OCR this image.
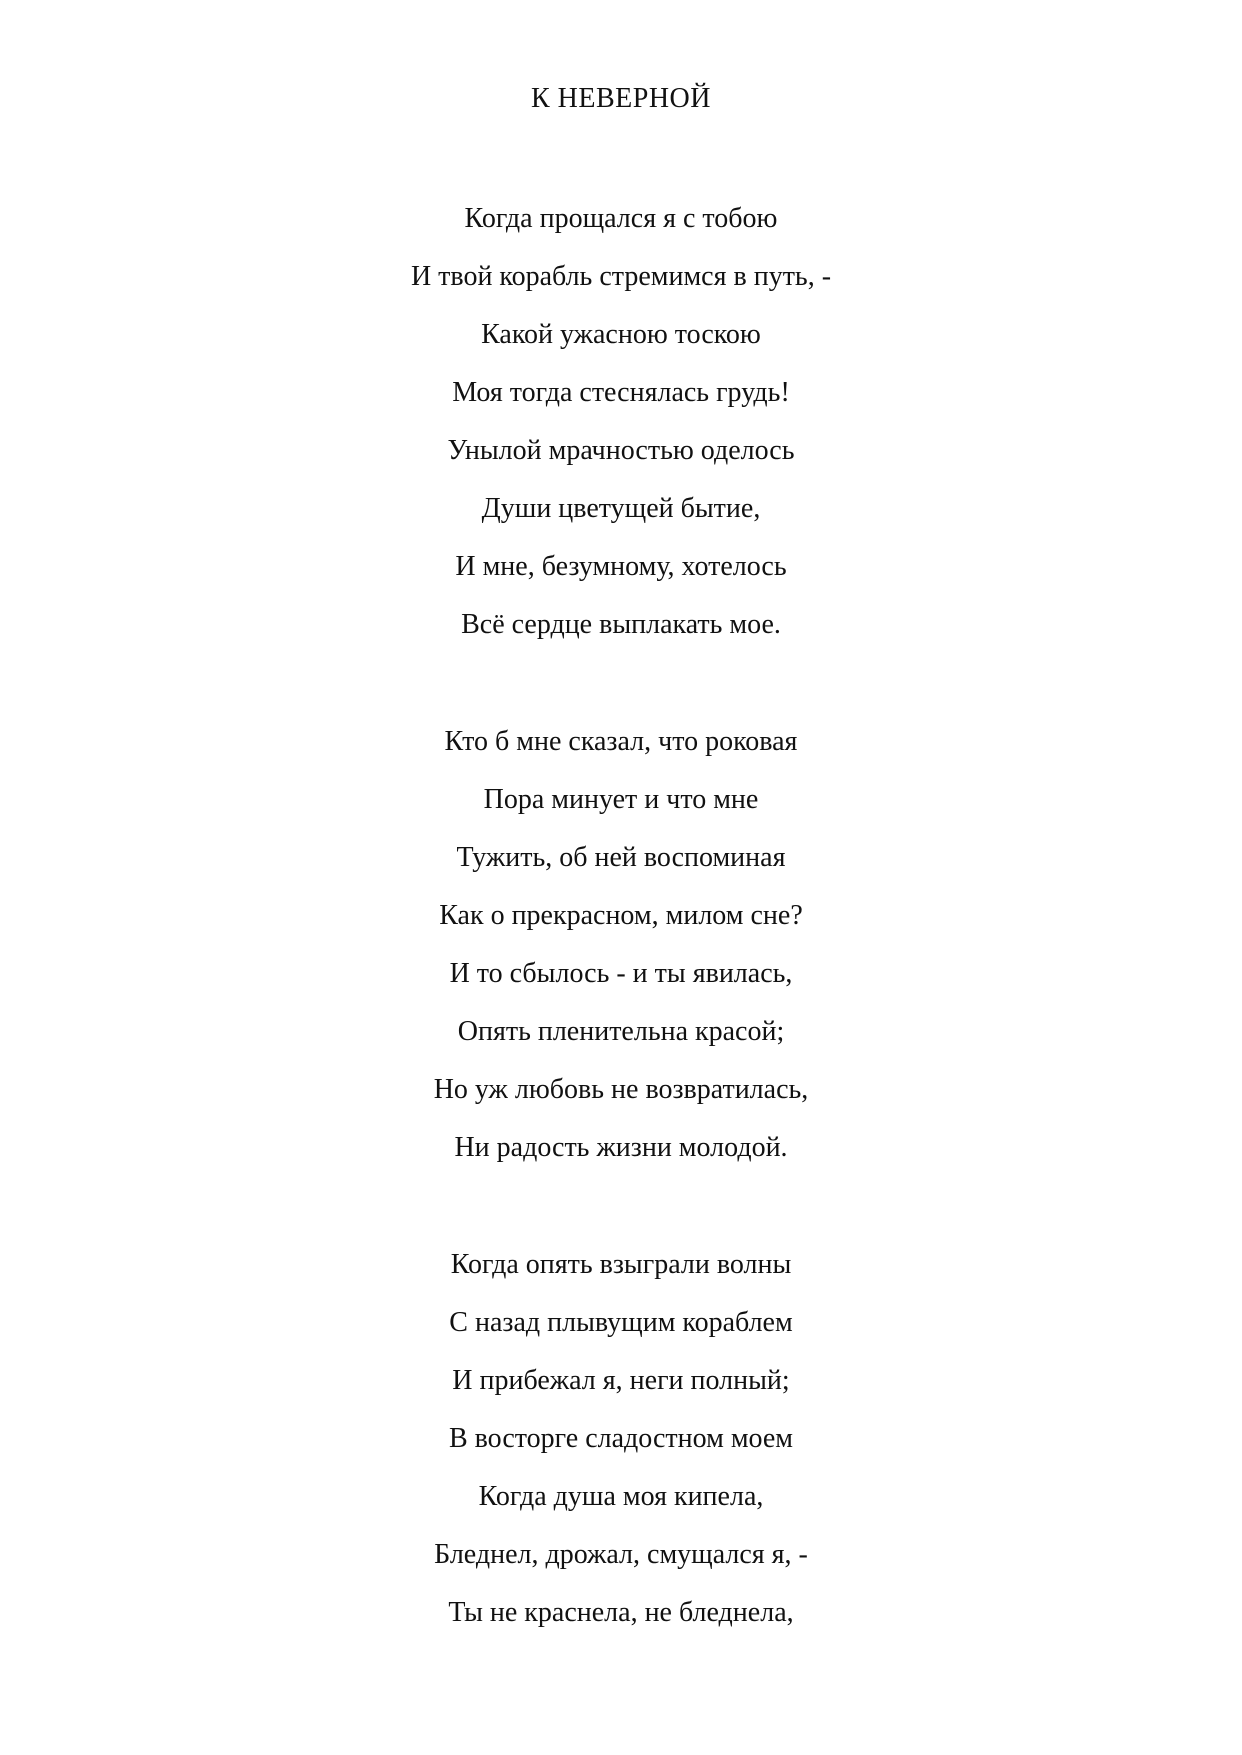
К НЕВЕРНОЙ
Когда прощался я с тобою
И твой корабль стремимся в путь, -
Какой ужасною тоскою
Моя тогда стеснялась грудь!
Унылой мрачностью оделось
Души цветущей бытие,
И мне, безумному, хотелось
Всё сердце выплакать мое.
Кто б мне сказал, что роковая
Пора минует и что мне
Тужить, об ней воспоминая
Как о прекрасном, милом сне?
И то сбылось - и ты явилась,
Опять пленительна красой;
Но уж любовь не возвратилась,
Ни радость жизни молодой.
Когда опять взыграли волны
С назад плывущим кораблем
И прибежал я, неги полный;
В восторге сладостном моем
Когда душа моя кипела,
Бледнел, дрожал, смущался я, -
Ты не краснела, не бледнела,
